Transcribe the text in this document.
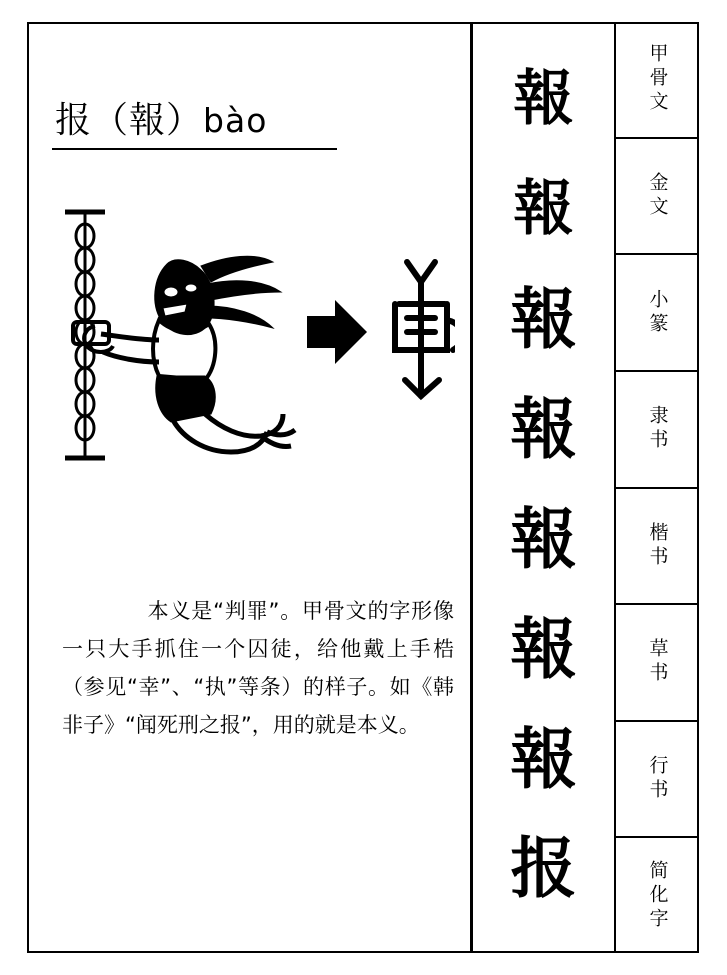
报（報）bào
　　本义是“判罪”。甲骨文的字形像一只大手抓住一个囚徒，给他戴上手梏（参见“幸”、“执”等条）的样子。如《韩非子》“闻死刑之报”，用的就是本义。
報
報
報
報
報
報
報
报
甲骨文
金文
小篆
隶书
楷书
草书
行书
简化字
